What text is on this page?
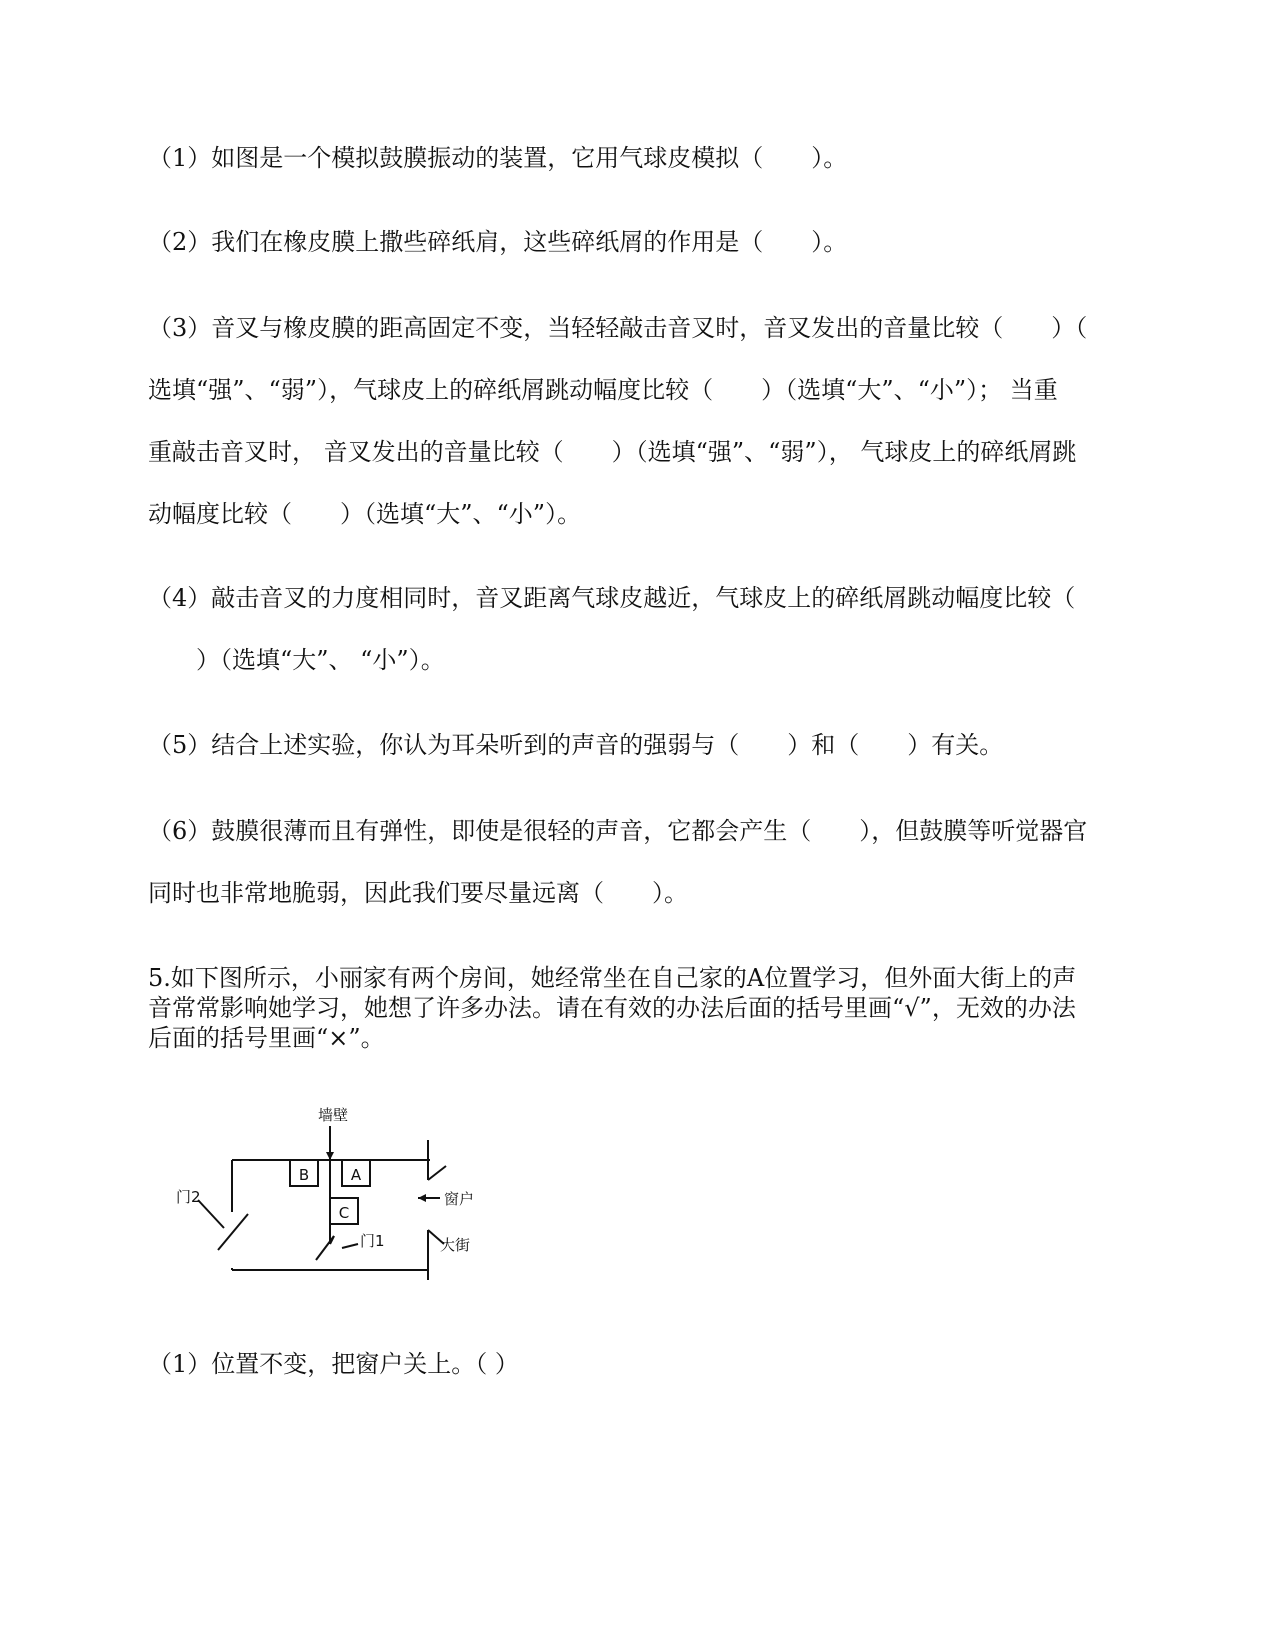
（1）如图是一个模拟鼓膜振动的装置，它用气球皮模拟（　　）。

（2）我们在橡皮膜上撒些碎纸肩，这些碎纸屑的作用是（　　）。

（3）音叉与橡皮膜的距高固定不变，当轻轻敲击音叉时，音叉发出的音量比较（　　）（

选填“强”、“弱”），气球皮上的碎纸屑跳动幅度比较（　　）（选填“大”、“小”）； 当重

重敲击音叉时， 音叉发出的音量比较（　　）（选填“强”、“弱”）， 气球皮上的碎纸屑跳

动幅度比较（　　）（选填“大”、“小”）。

（4）敲击音叉的力度相同时，音叉距离气球皮越近，气球皮上的碎纸屑跳动幅度比较（

　　）（选填“大”、 “小”）。

（5）结合上述实验，你认为耳朵听到的声音的强弱与（　　）和（　　）有关。

（6）鼓膜很薄而且有弹性，即使是很轻的声音，它都会产生（　　），但鼓膜等听觉器官

同时也非常地脆弱，因此我们要尽量远离（　　）。

5.如下图所示，小丽家有两个房间，她经常坐在自己家的A位置学习，但外面大街上的声
音常常影响她学习，她想了许多办法。请在有效的办法后面的括号里画“√”，无效的办法
后面的括号里画“×”。
墙壁
B	A
C
门2
门1
窗户
大街

（1）位置不变，把窗户关上。（ ）
